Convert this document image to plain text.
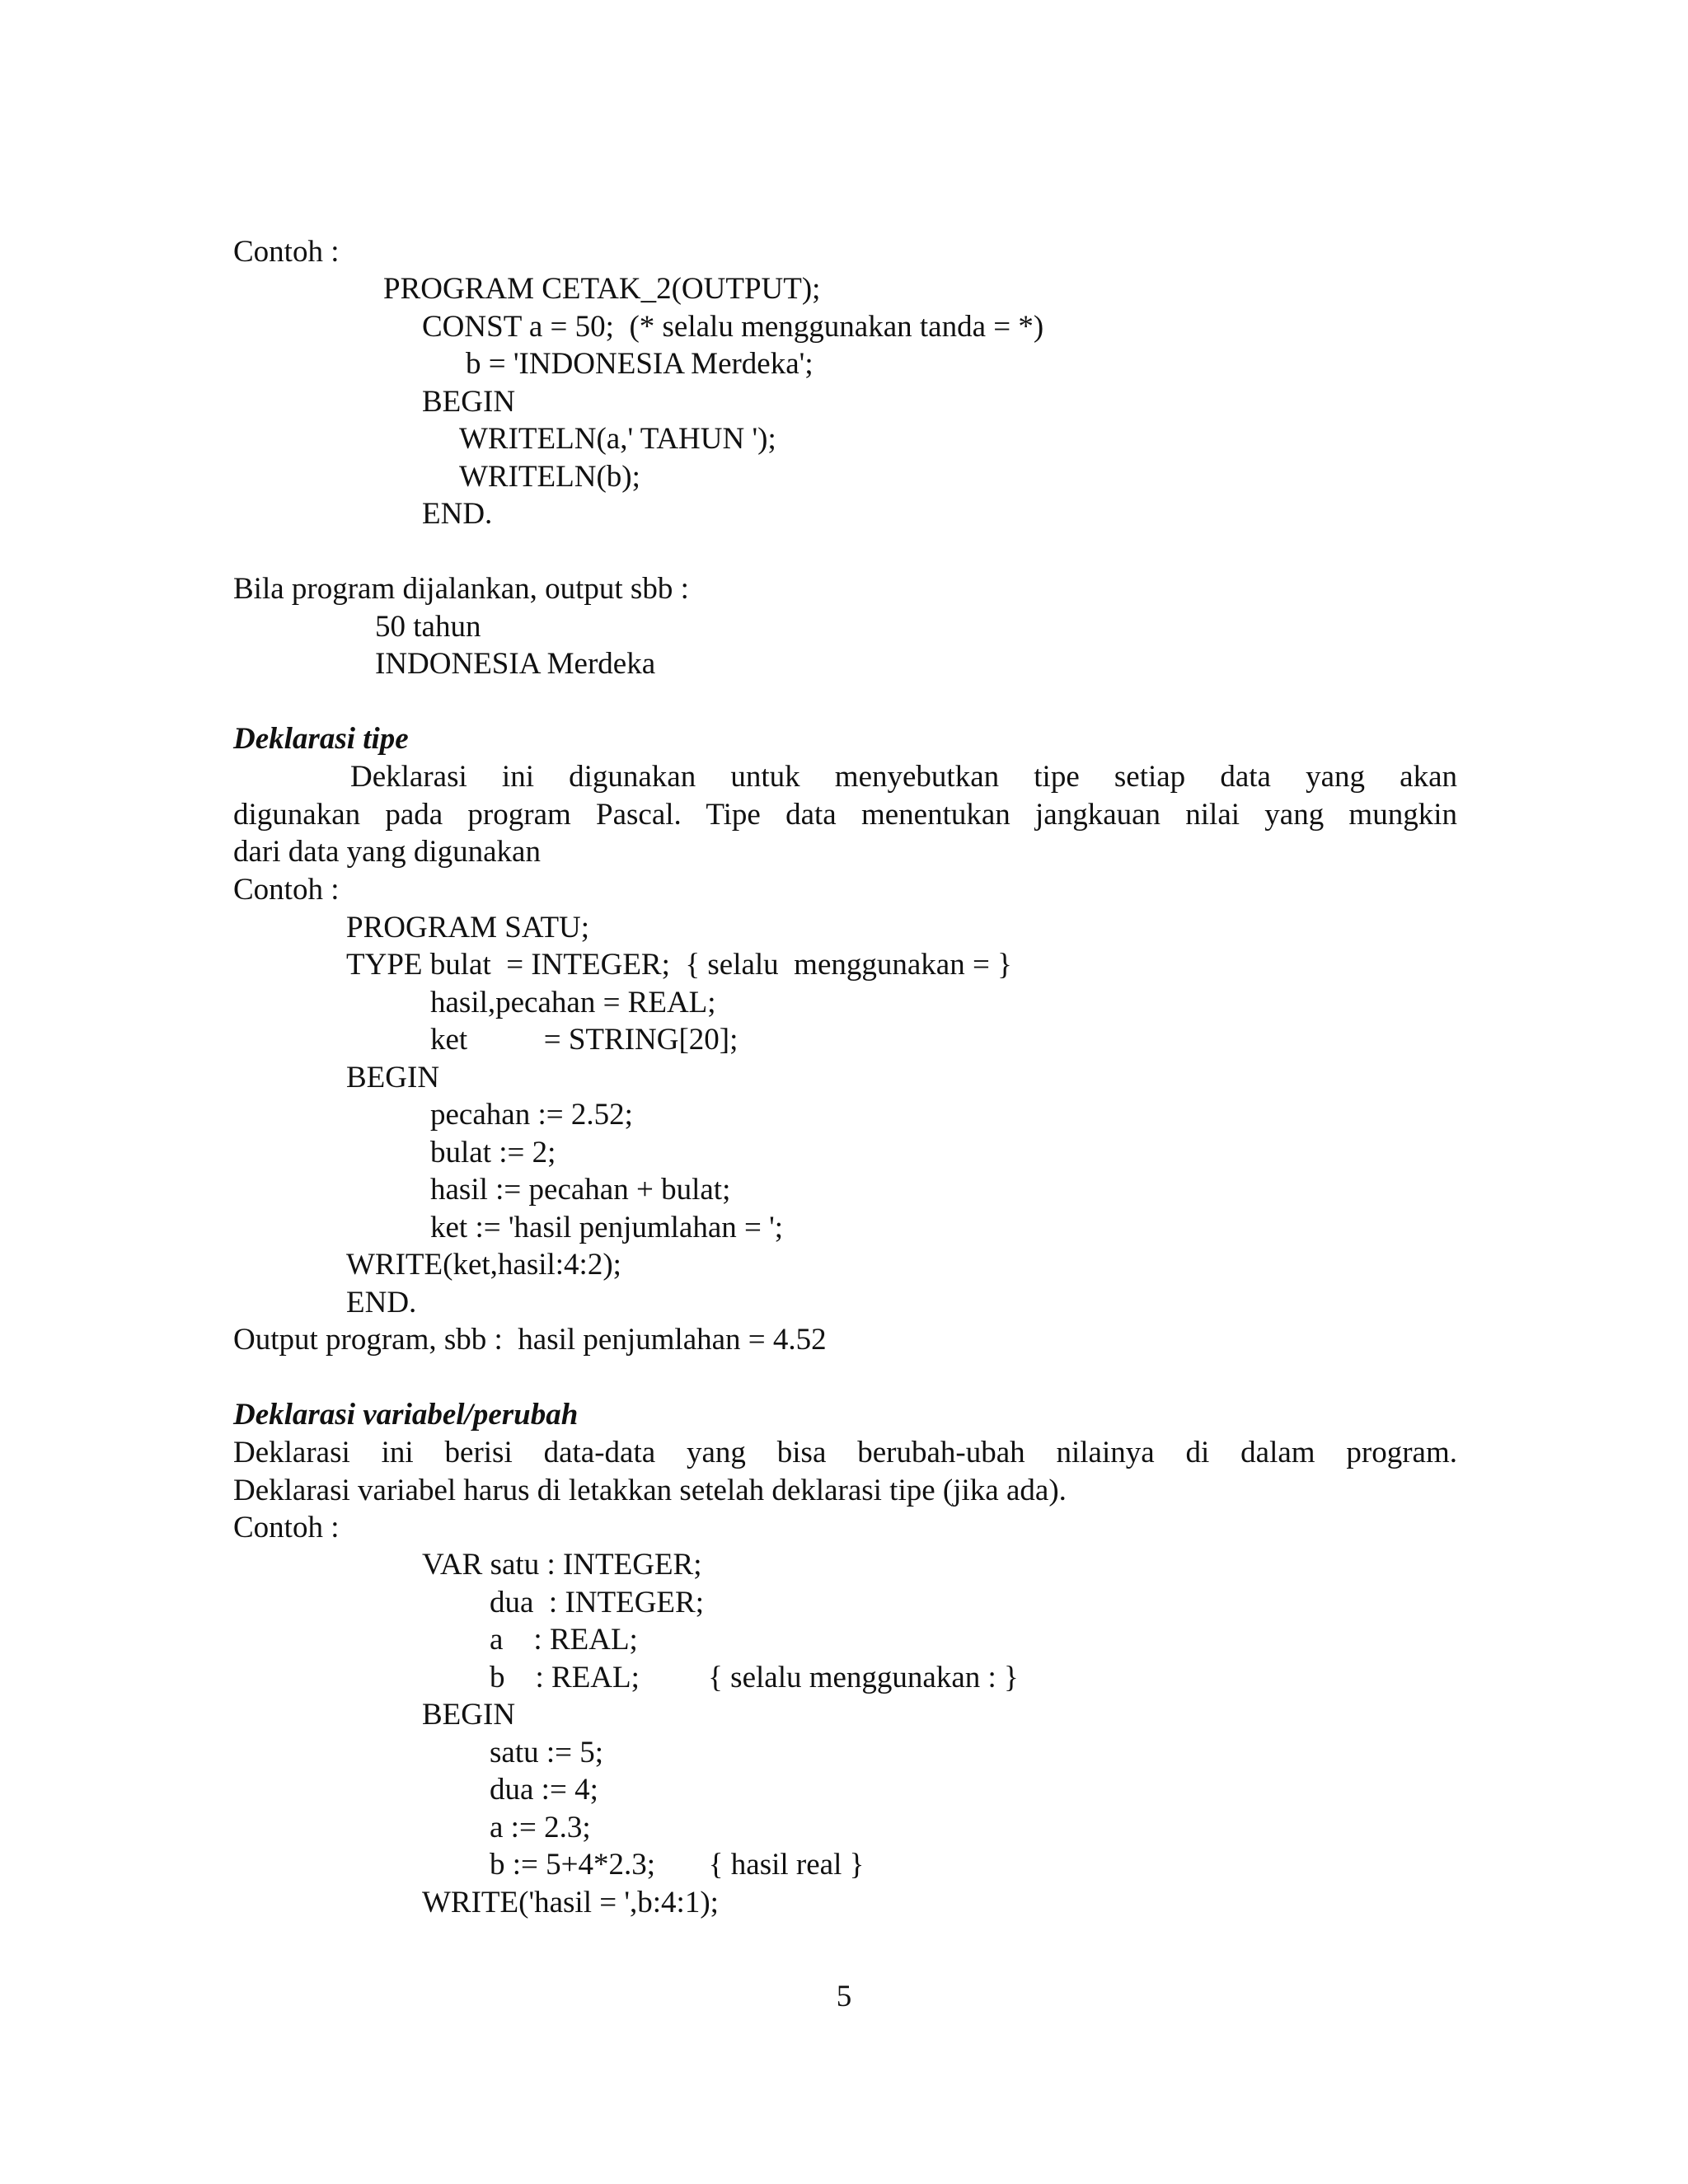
Contoh :

PROGRAM CETAK_2(OUTPUT);

CONST a = 50;  (* selalu menggunakan tanda = *)

b = 'INDONESIA Merdeka';

BEGIN

WRITELN(a,' TAHUN ');

WRITELN(b);

END.

Bila program dijalankan, output sbb :

50 tahun

INDONESIA Merdeka

Deklarasi tipe

Deklarasi ini digunakan untuk menyebutkan tipe setiap data yang akan
digunakan pada program Pascal. Tipe data menentukan jangkauan nilai yang mungkin
dari data yang digunakan

Contoh :

PROGRAM SATU;

TYPE bulat  = INTEGER;  { selalu  menggunakan = }

hasil,pecahan = REAL;

ket          = STRING[20];

BEGIN

pecahan := 2.52;

bulat := 2;

hasil := pecahan + bulat;

ket := 'hasil penjumlahan = ';

WRITE(ket,hasil:4:2);

END.

Output program, sbb :  hasil penjumlahan = 4.52

Deklarasi variabel/perubah

Deklarasi ini berisi data-data yang bisa berubah-ubah nilainya di dalam program.
Deklarasi variabel harus di letakkan setelah deklarasi tipe (jika ada).

Contoh :

VAR satu : INTEGER;

dua  : INTEGER;

a    : REAL;

b    : REAL;         { selalu menggunakan : }

BEGIN

satu := 5;

dua := 4;

a := 2.3;

b := 5+4*2.3;       { hasil real }

WRITE('hasil = ',b:4:1);

5
